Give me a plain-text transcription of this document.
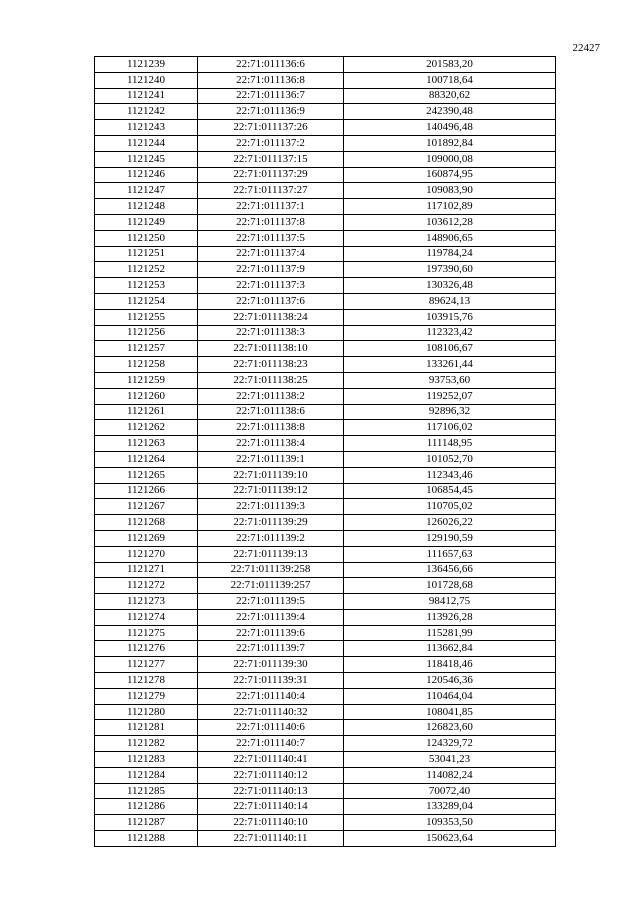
22427
1121239	22:71:011136:6	201583,20
1121240	22:71:011136:8	100718,64
1121241	22:71:011136:7	88320,62
1121242	22:71:011136:9	242390,48
1121243	22:71:011137:26	140496,48
1121244	22:71:011137:2	101892,84
1121245	22:71:011137:15	109000,08
1121246	22:71:011137:29	160874,95
1121247	22:71:011137:27	109083,90
1121248	22:71:011137:1	117102,89
1121249	22:71:011137:8	103612,28
1121250	22:71:011137:5	148906,65
1121251	22:71:011137:4	119784,24
1121252	22:71:011137:9	197390,60
1121253	22:71:011137:3	130326,48
1121254	22:71:011137:6	89624,13
1121255	22:71:011138:24	103915,76
1121256	22:71:011138:3	112323,42
1121257	22:71:011138:10	108106,67
1121258	22:71:011138:23	133261,44
1121259	22:71:011138:25	93753,60
1121260	22:71:011138:2	119252,07
1121261	22:71:011138:6	92896,32
1121262	22:71:011138:8	117106,02
1121263	22:71:011138:4	111148,95
1121264	22:71:011139:1	101052,70
1121265	22:71:011139:10	112343,46
1121266	22:71:011139:12	106854,45
1121267	22:71:011139:3	110705,02
1121268	22:71:011139:29	126026,22
1121269	22:71:011139:2	129190,59
1121270	22:71:011139:13	111657,63
1121271	22:71:011139:258	136456,66
1121272	22:71:011139:257	101728,68
1121273	22:71:011139:5	98412,75
1121274	22:71:011139:4	113926,28
1121275	22:71:011139:6	115281,99
1121276	22:71:011139:7	113662,84
1121277	22:71:011139:30	118418,46
1121278	22:71:011139:31	120546,36
1121279	22:71:011140:4	110464,04
1121280	22:71:011140:32	108041,85
1121281	22:71:011140:6	126823,60
1121282	22:71:011140:7	124329,72
1121283	22:71:011140:41	53041,23
1121284	22:71:011140:12	114082,24
1121285	22:71:011140:13	70072,40
1121286	22:71:011140:14	133289,04
1121287	22:71:011140:10	109353,50
1121288	22:71:011140:11	150623,64
